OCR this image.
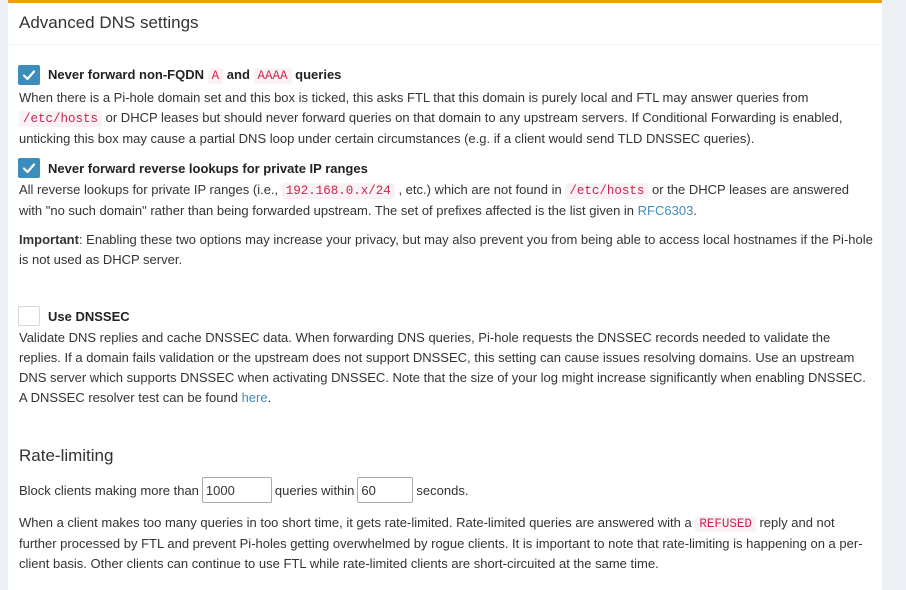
Advanced DNS settings
Never forward non-FQDN A and AAAA queries
When there is a Pi-hole domain set and this box is ticked, this asks FTL that this domain is purely local and FTL may answer queries from /etc/hosts or DHCP leases but should never forward queries on that domain to any upstream servers. If Conditional Forwarding is enabled, unticking this box may cause a partial DNS loop under certain circumstances (e.g. if a client would send TLD DNSSEC queries).
Never forward reverse lookups for private IP ranges
All reverse lookups for private IP ranges (i.e., 192.168.0.x/24 , etc.) which are not found in /etc/hosts or the DHCP leases are answered with "no such domain" rather than being forwarded upstream. The set of prefixes affected is the list given in RFC6303.
Important: Enabling these two options may increase your privacy, but may also prevent you from being able to access local hostnames if the Pi-hole is not used as DHCP server.
Use DNSSEC
Validate DNS replies and cache DNSSEC data. When forwarding DNS queries, Pi-hole requests the DNSSEC records needed to validate the replies. If a domain fails validation or the upstream does not support DNSSEC, this setting can cause issues resolving domains. Use an upstream DNS server which supports DNSSEC when activating DNSSEC. Note that the size of your log might increase significantly when enabling DNSSEC. A DNSSEC resolver test can be found here.
Rate-limiting
Block clients making more than
1000	queries within
60	seconds.
When a client makes too many queries in too short time, it gets rate-limited. Rate-limited queries are answered with a REFUSED reply and not further processed by FTL and prevent Pi-holes getting overwhelmed by rogue clients. It is important to note that rate-limiting is happening on a per-client basis. Other clients can continue to use FTL while rate-limited clients are short-circuited at the same time.
